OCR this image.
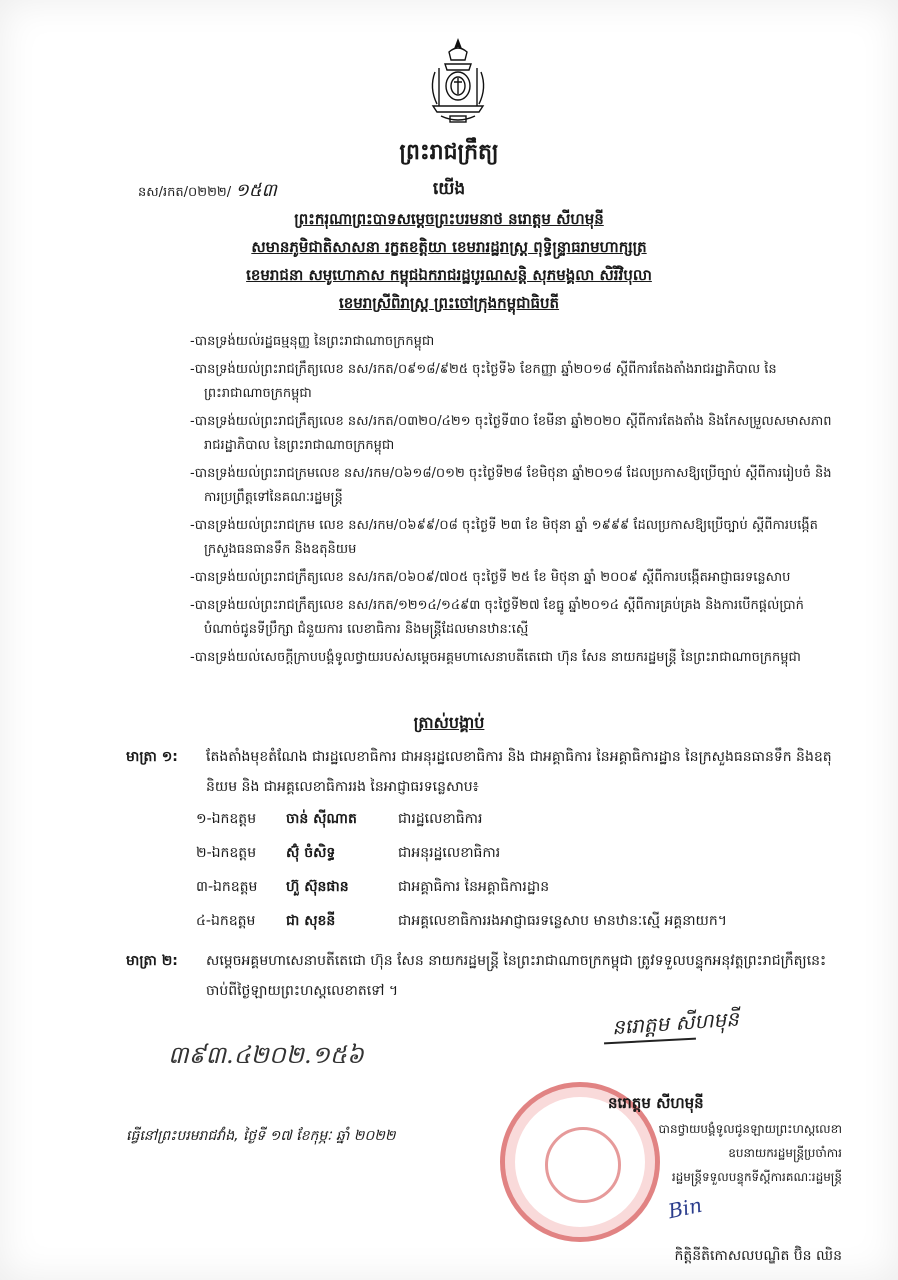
ព្រះរាជក្រឹត្យ
នស/រកត/០២២២/ ១៥៣	យើង
ព្រះករុណាព្រះបាទសម្តេចព្រះបរមនាថ នរោត្តម សីហមុនី
សមានភូមិជាតិសាសនា រក្ខតខត្តិយា ខេមរារដ្ឋរាស្ត្រ ពុទ្ធិន្ទ្រាធរាមហាក្សត្រ
ខេមរាជនា សមូហោភាស កម្ពុជឯករាជរដ្ឋបូរណសន្តិ សុភមង្គលា សិរីវិបុលា
ខេមរាស្រីពិរាស្ត្រ ព្រះចៅក្រុងកម្ពុជាធិបតី
-បានទ្រង់យល់រដ្ឋធម្មនុញ្ញ នៃព្រះរាជាណាចក្រកម្ពុជា
-បានទ្រង់យល់ព្រះរាជក្រឹត្យលេខ នស/រកត/០៩១៨/៩២៥ ចុះថ្ងៃទី៦ ខែកញ្ញា ឆ្នាំ២០១៨ ស្តីពីការតែងតាំងរាជរដ្ឋាភិបាល នៃព្រះរាជាណាចក្រកម្ពុជា
-បានទ្រង់យល់ព្រះរាជក្រឹត្យលេខ នស/រកត/០៣២០/៤២១ ចុះថ្ងៃទី៣០ ខែមីនា ឆ្នាំ២០២០ ស្តីពីការតែងតាំង និងកែសម្រួលសមាសភាពរាជរដ្ឋាភិបាល នៃព្រះរាជាណាចក្រកម្ពុជា
-បានទ្រង់យល់ព្រះរាជក្រមលេខ នស/រកម/០៦១៨/០១២ ចុះថ្ងៃទី២៨ ខែមិថុនា ឆ្នាំ២០១៨ ដែលប្រកាសឱ្យប្រើច្បាប់ ស្តីពីការរៀបចំ និងការប្រព្រឹត្តទៅនៃគណៈរដ្ឋមន្ត្រី
-បានទ្រង់យល់ព្រះរាជក្រម លេខ នស/រកម/០៦៩៩/០៨ ចុះថ្ងៃទី ២៣ ខែ មិថុនា ឆ្នាំ ១៩៩៩ ដែលប្រកាសឱ្យប្រើច្បាប់ ស្តីពីការបង្កើតក្រសួងធនធានទឹក និងឧតុនិយម
-បានទ្រង់យល់ព្រះរាជក្រឹត្យលេខ នស/រកត/០៦០៩/៧០៥ ចុះថ្ងៃទី ២៥ ខែ មិថុនា ឆ្នាំ ២០០៩ ស្តីពីការបង្កើតអាជ្ញាធរទន្លេសាប
-បានទ្រង់យល់ព្រះរាជក្រឹត្យលេខ នស/រកត/១២១៤/១៤៩៣ ចុះថ្ងៃទី២៧ ខែធ្នូ ឆ្នាំ២០១៤ ស្តីពីការគ្រប់គ្រង និងការបើកផ្តល់ប្រាក់បំណាច់ជូនទីប្រឹក្សា ជំនួយការ លេខាធិការ និងមន្ត្រីដែលមានឋានៈស្មើ
-បានទ្រង់យល់សេចក្តីក្រាបបង្គំទូលថ្វាយរបស់សម្តេចអគ្គមហាសេនាបតីតេជោ ហ៊ុន សែន នាយករដ្ឋមន្ត្រី នៃព្រះរាជាណាចក្រកម្ពុជា
ត្រាស់បង្គាប់
មាត្រា ១: តែងតាំងមុខតំណែង ជារដ្ឋលេខាធិការ ជាអនុរដ្ឋលេខាធិការ និង ជាអគ្គាធិការ នៃអគ្គាធិការដ្ឋាន នៃក្រសួងធនធានទឹក និងឧតុនិយម និង ជាអគ្គលេខាធិការរង នៃអាជ្ញាធរទន្លេសាប៖
១-ឯកឧត្តម ចាន់ ស៊ីណាត	ជារដ្ឋលេខាធិការ
២-ឯកឧត្តម ស៊ុំ ចំសិទ្ធ	ជាអនុរដ្ឋលេខាធិការ
៣-ឯកឧត្តម ហ៊ួ ស៊ុនផាន	ជាអគ្គាធិការ នៃអគ្គាធិការដ្ឋាន
៤-ឯកឧត្តម ជា សុខនី	ជាអគ្គលេខាធិការរងអាជ្ញាធរទន្លេសាប មានឋានៈស្មើ អគ្គនាយក។
មាត្រា ២: សម្តេចអគ្គមហាសេនាបតីតេជោ ហ៊ុន សែន នាយករដ្ឋមន្ត្រី នៃព្រះរាជាណាចក្រកម្ពុជា ត្រូវទទួលបន្ទុកអនុវត្តព្រះរាជក្រឹត្យនេះ ចាប់ពីថ្ងៃឡាយព្រះហស្តលេខាតទៅ ។
៣៩៣.៤២០២.១៥៦
នរោត្តម សីហមុនី
នរោត្តម សីហមុនី
បានថ្វាយបង្គំទូលជូនឡាយព្រះហស្តលេខា
ឧបនាយករដ្ឋមន្ត្រីប្រចាំការ
រដ្ឋមន្ត្រីទទួលបន្ទុកទីស្តីការគណៈរដ្ឋមន្ត្រី
ធ្វើនៅព្រះបរមរាជវាំង, ថ្ងៃទី ១៧ ខែកុម្ភៈ ឆ្នាំ ២០២២
Bin
កិត្តិនីតិកោសលបណ្ឌិត ប៊ិន ឈិន
